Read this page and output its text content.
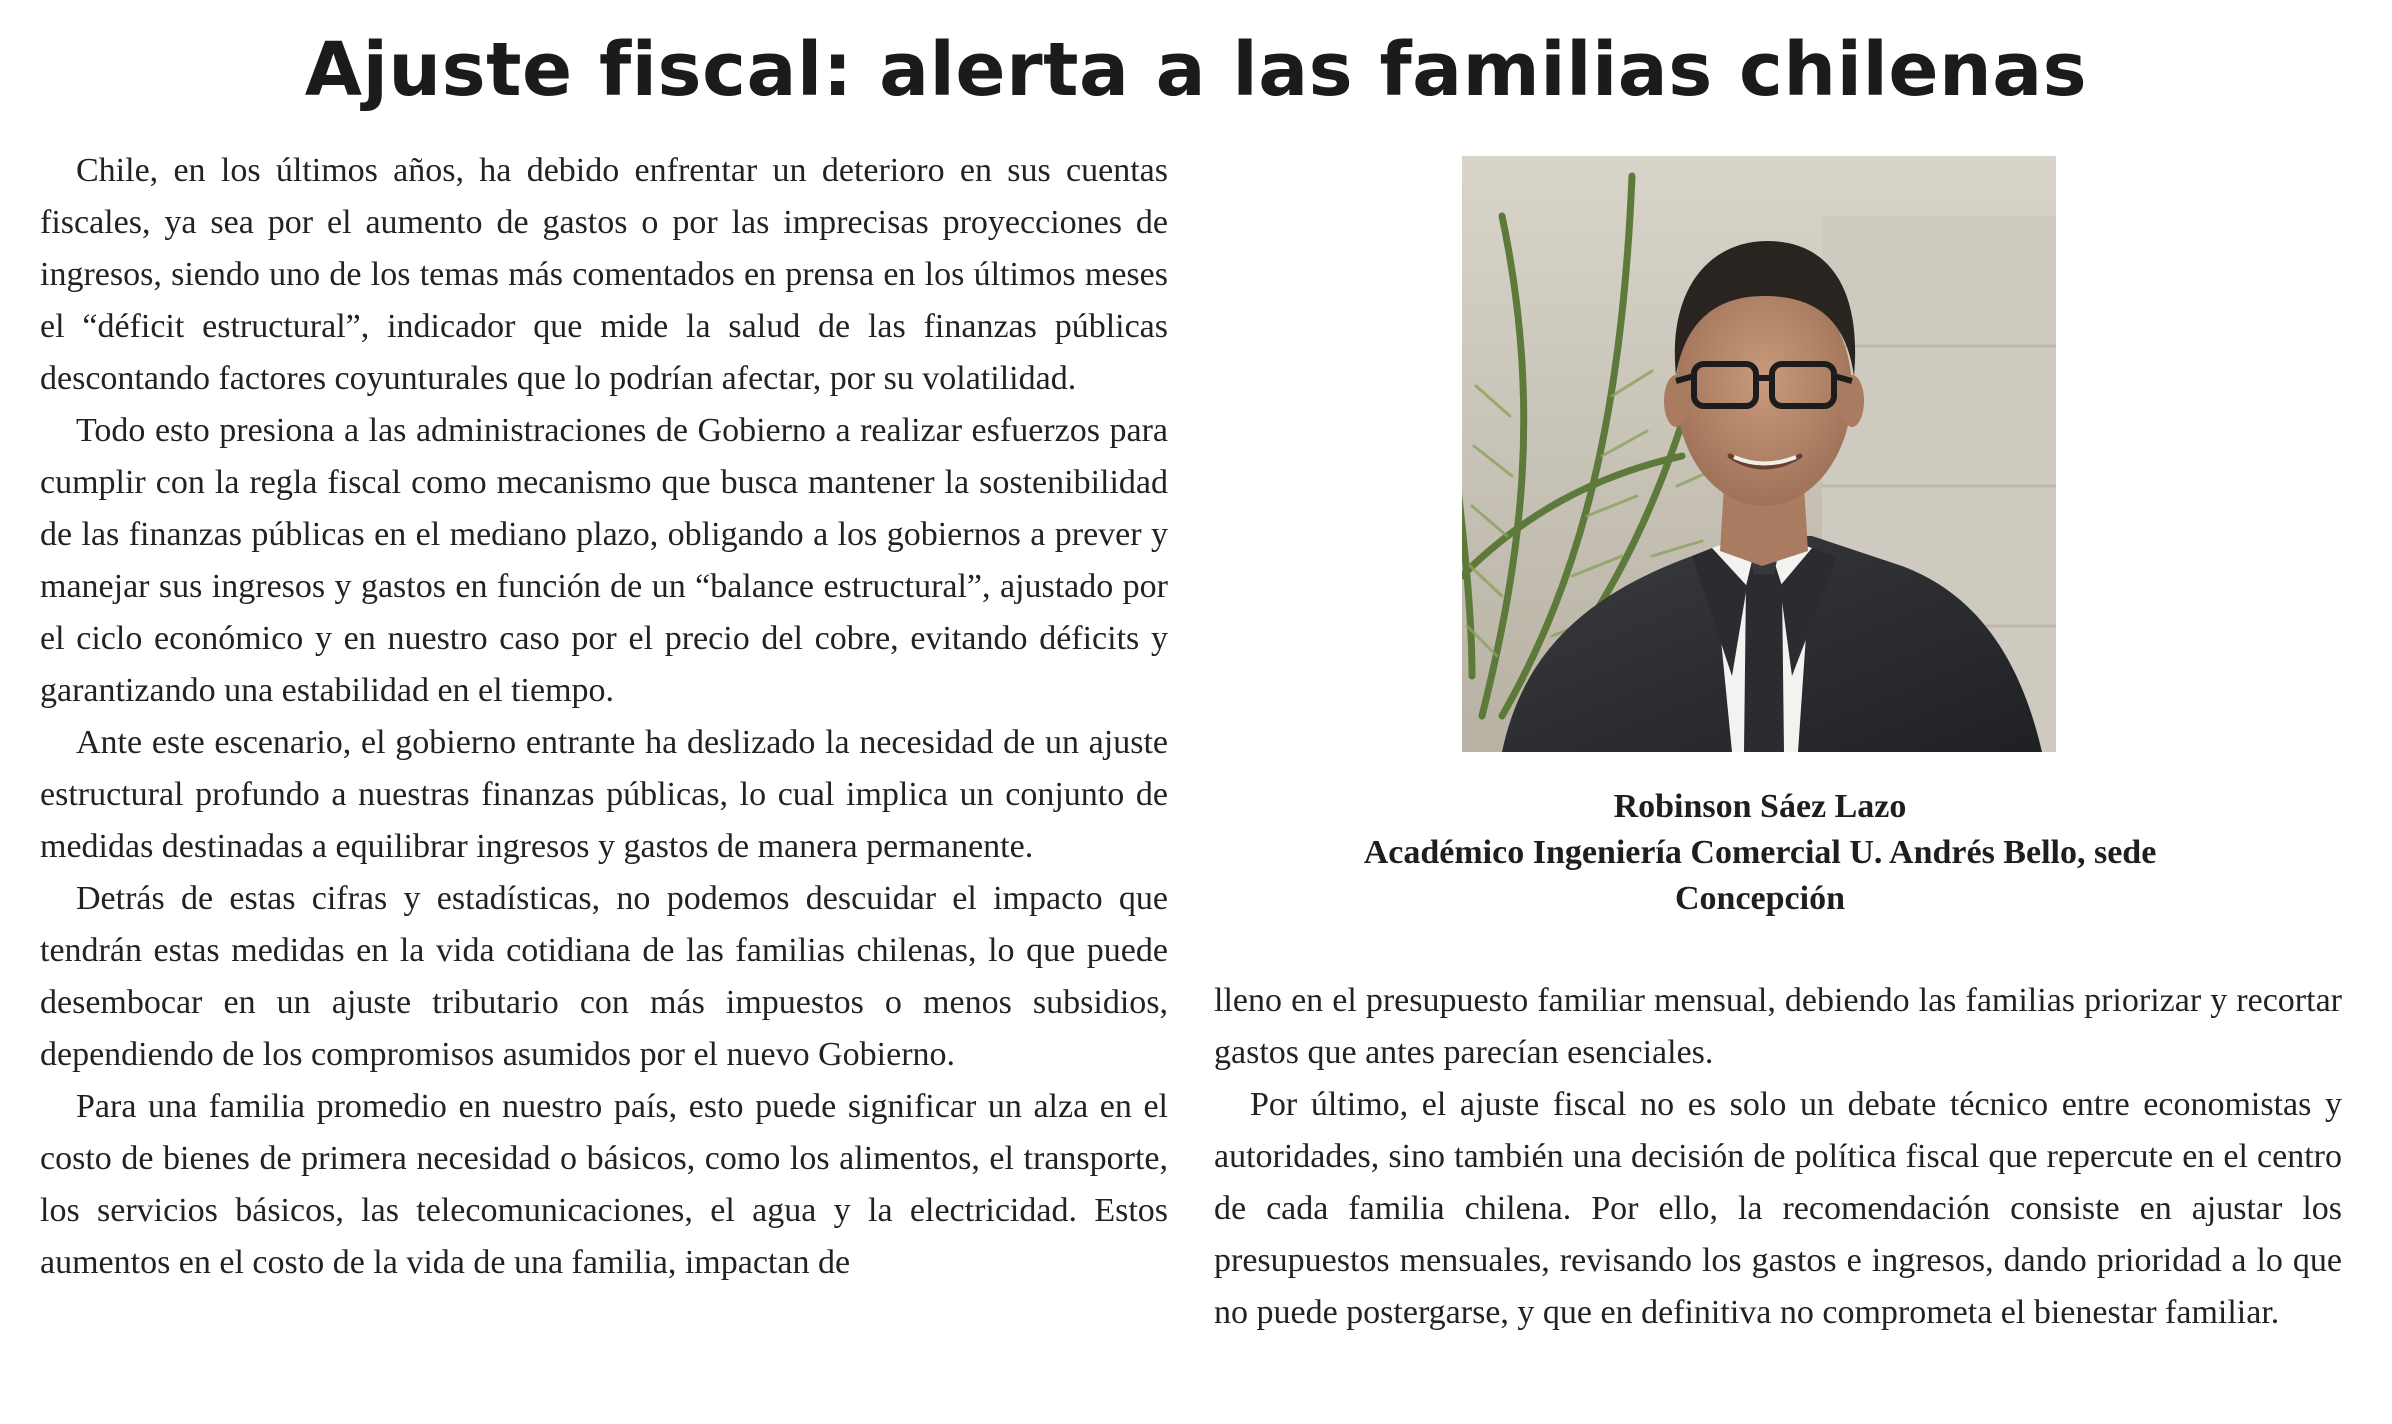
Ajuste fiscal: alerta a las familias chilenas

Chile, en los últimos años, ha debido enfrentar un deterioro en sus cuentas fiscales, ya sea por el aumento de gastos o por las imprecisas proyecciones de ingresos, siendo uno de los temas más comentados en prensa en los últimos meses el “déficit estructural”, indicador que mide la salud de las finanzas públicas descontando factores coyunturales que lo podrían afectar, por su volatilidad.

Todo esto presiona a las administraciones de Gobierno a realizar esfuerzos para cumplir con la regla fiscal como mecanismo que busca mantener la sostenibilidad de las finanzas públicas en el mediano plazo, obligando a los gobiernos a prever y manejar sus ingresos y gastos en función de un “balance estructural”, ajustado por el ciclo económico y en nuestro caso por el precio del cobre, evitando déficits y garantizando una estabilidad en el tiempo.

Ante este escenario, el gobierno entrante ha deslizado la necesidad de un ajuste estructural profundo a nuestras finanzas públicas, lo cual implica un conjunto de medidas destinadas a equilibrar ingresos y gastos de manera permanente.

Detrás de estas cifras y estadísticas, no podemos descuidar el impacto que tendrán estas medidas en la vida cotidiana de las familias chilenas, lo que puede desembocar en un ajuste tributario con más impuestos o menos subsidios, dependiendo de los compromisos asumidos por el nuevo Gobierno.

Para una familia promedio en nuestro país, esto puede significar un alza en el costo de bienes de primera necesidad o básicos, como los alimentos, el transporte, los servicios básicos, las telecomunicaciones, el agua y la electricidad. Estos aumentos en el costo de la vida de una familia, impactan de

Robinson Sáez Lazo
Académico Ingeniería Comercial U. Andrés Bello, sede
Concepción

lleno en el presupuesto familiar mensual, debiendo las familias priorizar y recortar gastos que antes parecían esenciales.

Por último, el ajuste fiscal no es solo un debate técnico entre economistas y autoridades, sino también una decisión de política fiscal que repercute en el centro de cada familia chilena. Por ello, la recomendación consiste en ajustar los presupuestos mensuales, revisando los gastos e ingresos, dando prioridad a lo que no puede postergarse, y que en definitiva no comprometa el bienestar familiar.
